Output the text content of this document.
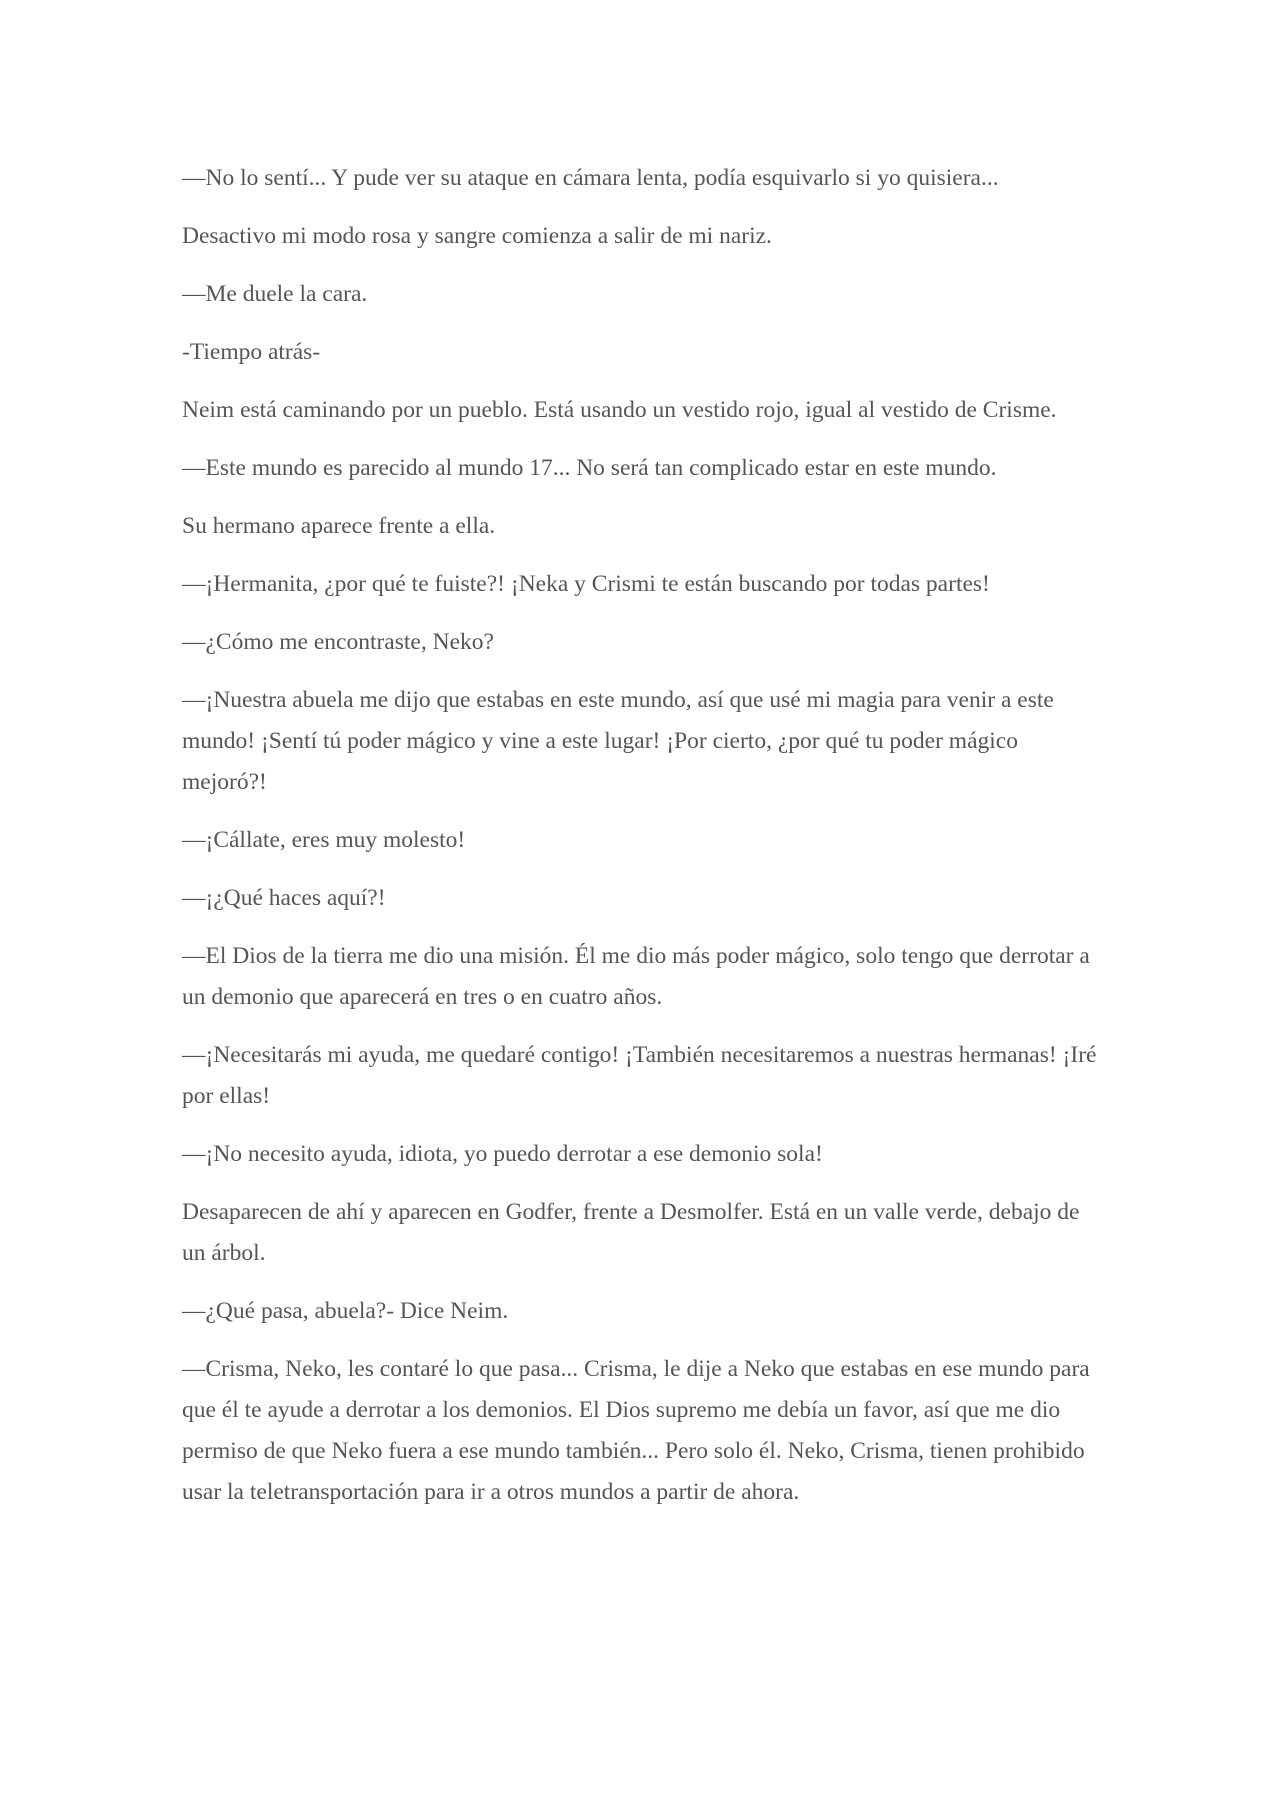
—No lo sentí... Y pude ver su ataque en cámara lenta, podía esquivarlo si yo quisiera...

Desactivo mi modo rosa y sangre comienza a salir de mi nariz.

—Me duele la cara.

-Tiempo atrás-

Neim está caminando por un pueblo. Está usando un vestido rojo, igual al vestido de Crisme.

—Este mundo es parecido al mundo 17... No será tan complicado estar en este mundo.

Su hermano aparece frente a ella.

—¡Hermanita, ¿por qué te fuiste?! ¡Neka y Crismi te están buscando por todas partes!

—¿Cómo me encontraste, Neko?

—¡Nuestra abuela me dijo que estabas en este mundo, así que usé mi magia para venir a este mundo! ¡Sentí tú poder mágico y vine a este lugar! ¡Por cierto, ¿por qué tu poder mágico mejoró?!

—¡Cállate, eres muy molesto!

—¡¿Qué haces aquí?!

—El Dios de la tierra me dio una misión. Él me dio más poder mágico, solo tengo que derrotar a un demonio que aparecerá en tres o en cuatro años.

—¡Necesitarás mi ayuda, me quedaré contigo! ¡También necesitaremos a nuestras hermanas! ¡Iré por ellas!

—¡No necesito ayuda, idiota, yo puedo derrotar a ese demonio sola!

Desaparecen de ahí y aparecen en Godfer, frente a Desmolfer. Está en un valle verde, debajo de un árbol.

—¿Qué pasa, abuela?- Dice Neim.

—Crisma, Neko, les contaré lo que pasa... Crisma, le dije a Neko que estabas en ese mundo para que él te ayude a derrotar a los demonios. El Dios supremo me debía un favor, así que me dio permiso de que Neko fuera a ese mundo también... Pero solo él. Neko, Crisma, tienen prohibido usar la teletransportación para ir a otros mundos a partir de ahora.
